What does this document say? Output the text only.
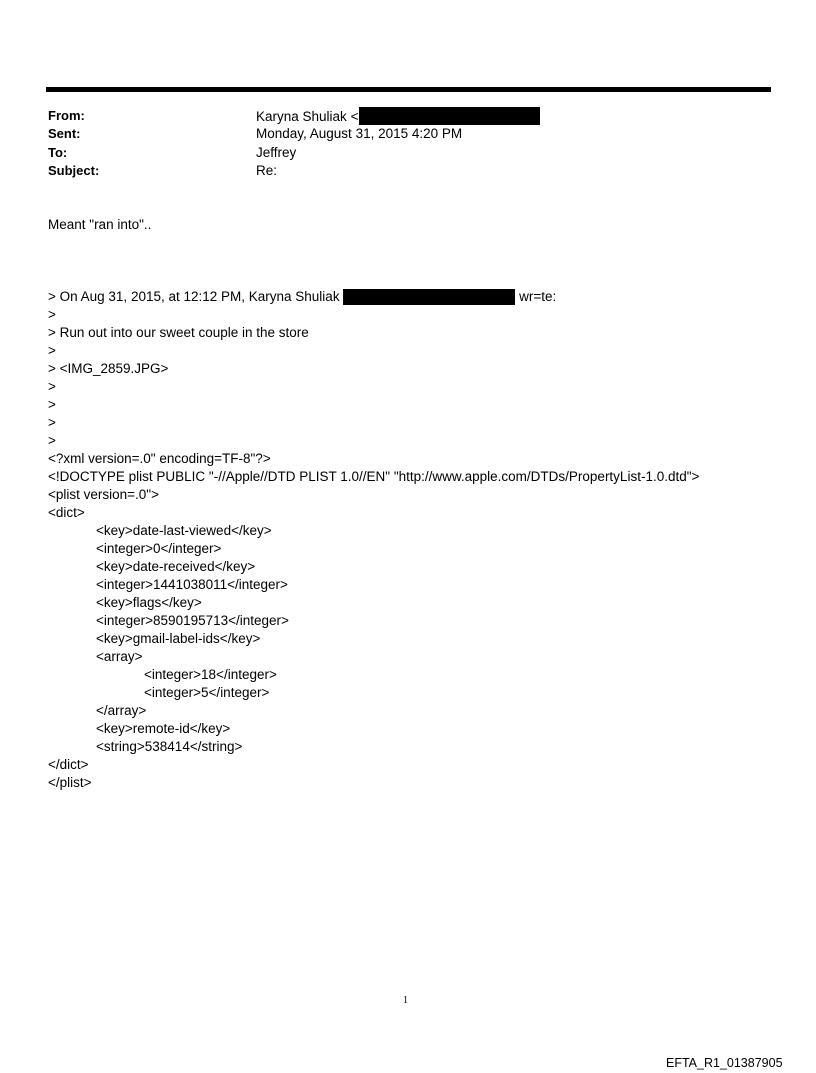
From:	Karyna Shuliak <
Sent:	Monday, August 31, 2015 4:20 PM
To:	Jeffrey
Subject:	Re:
Meant "ran into"..
> On Aug 31, 2015, at 12:12 PM, Karyna Shuliak	wr=te:
>
> Run out into our sweet couple in the store
>
> <IMG_2859.JPG>
>
>
>
>
<?xml version=.0" encoding=TF-8"?>
<!DOCTYPE plist PUBLIC "-//Apple//DTD PLIST 1.0//EN" "http://www.apple.com/DTDs/PropertyList-1.0.dtd">
<plist version=.0">
<dict>
<key>date-last-viewed</key>
<integer>0</integer>
<key>date-received</key>
<integer>1441038011</integer>
<key>flags</key>
<integer>8590195713</integer>
<key>gmail-label-ids</key>
<array>
<integer>18</integer>
<integer>5</integer>
</array>
<key>remote-id</key>
<string>538414</string>
</dict>
</plist>
1
EFTA_R1_01387905
